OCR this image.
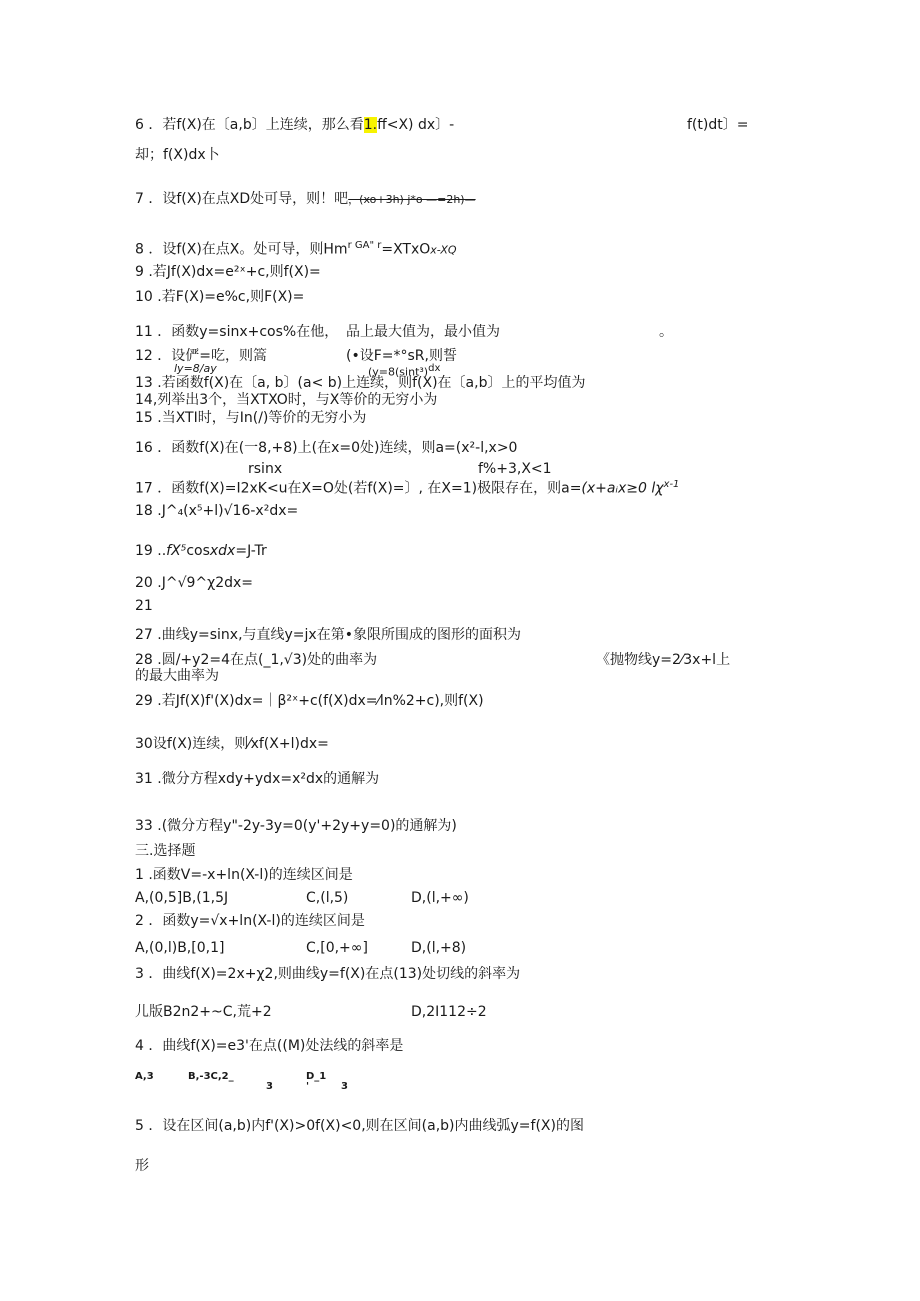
6 ．若f(X)在〔a,b〕上连续，那么看1.ff<X) dx〕-	f(t)dt〕=
却；f(X)dx卜
7 ．设f(X)在点XD处可导，则！吧，(xo+3h) j*o —=2h)—
8 ．设f(X)在点X。处可导，则$Hm^{r GA" r}=XTxOx-XQ$
9 .若Jf(X)dx=e²ˣ+c,则f(X)=
10 .若F(X)=e%c,则F(X)=
11 ．函数y=sinx+cos%在他， 品上最大值为，最小值为	。
12 ．设俨=吃，则篙	(•设F=*°sR,则誓
ly=8/ay	($y=8(\sin t^3)^{dx}$
13 .若函数f(X)在〔a, b〕(a< b)上连续，则f(X)在〔a,b〕上的平均值为
14,列举出3个，当XTXO时，与X等价的无穷小为
15 .当XTI时，与In(/)等价的无穷小为
16 ．函数f(X)在(一8,+8)上(在x=0处)连续，则a=(x²-l,x>0
rsinx	f%+3,X<1
17 ．函数f(X)=I2xK<u在X=O处(若f(X)=〕, 在X=1)极限存在，则a=(x+aᵢx≥0 $l\chi^{x-1}$
18 .J^₄(x⁵+l)√16-x²dx=
19 ..fX⁵cosxdx=J-Tr
20 .J^√9^χ2dx=
21
27 .曲线y=sinx,与直线y=jx在第•象限所围成的图形的面积为
28 .圆/+y2=4在点(_1,√3)处的曲率为	《抛物线y=2⁄3x+l上
的最大曲率为
29 .若Jf(X)f'(X)dx=｜β²ˣ+c(f(X)dx=⁄ln%2+c),则f(X)
30设f(X)连续，则⁄xf(X+l)dx=
31 .微分方程xdy+ydx=x²dx的通解为
33 .(微分方程y"-2y-3y=0(y'+2y+y=0)的通解为)
三.选择题
1 .函数V=-x+ln(X-l)的连续区间是
A,(0,5]B,(1,5J	C,(l,5)	D,(l,+∞)
2 ．函数y=√x+ln(X-l)的连续区间是
A,(0,l)B,[0,1]	C,[0,+∞]	D,(l,+8)
3 ．曲线f(X)=2x+χ2,则曲线y=f(X)在点(13)处切线的斜率为
儿版B2n2+~C,荒+2	D,2I112÷2
4 ．曲线f(X)=e3'在点((M)处法线的斜率是
A,3	B,-3C,2_
3
D_1
'	3
5 ．设在区间(a,b)内f'(X)>0f(X)<0,则在区间(a,b)内曲线弧y=f(X)的图
形
